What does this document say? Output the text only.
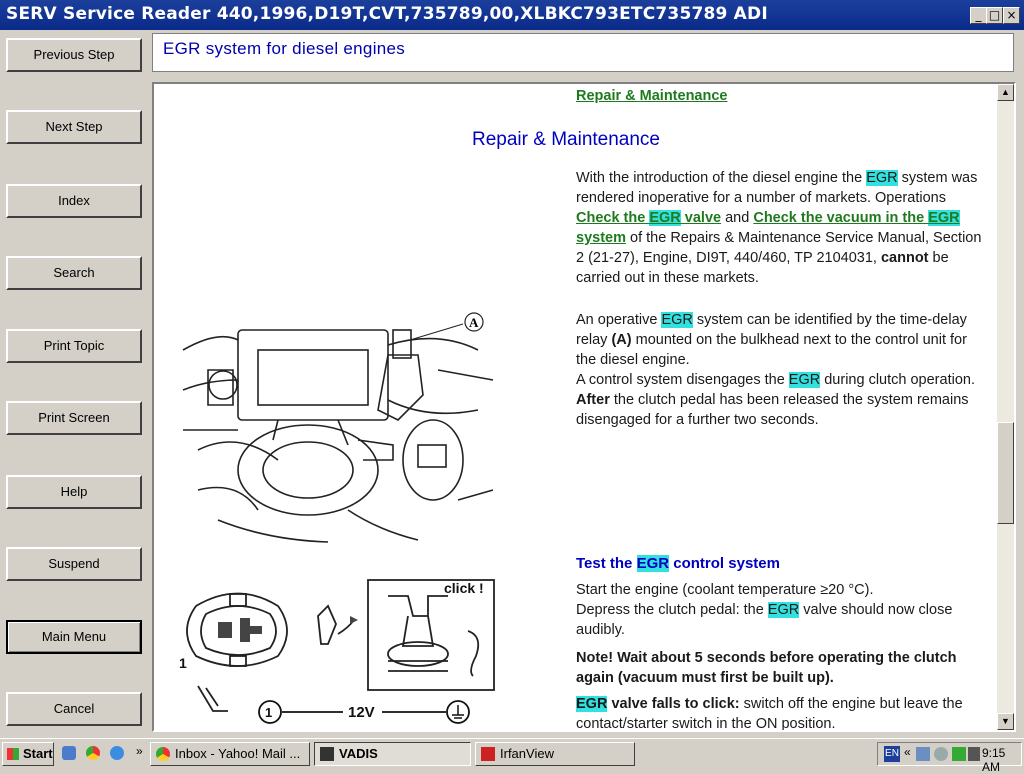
SERV Service Reader 440,1996,D19T,CVT,735789,00,XLBKC793ETC735789 ADI	_ □ ×
Previous Step
Next Step
Index
Search
Print Topic
Print Screen
Help
Suspend
Main Menu
Cancel
EGR system for diesel engines
Repair & Maintenance
Repair & Maintenance
With the introduction of the diesel engine the EGR system was rendered inoperative for a number of markets. Operations Check the EGR valve and Check the vacuum in the EGR system of the Repairs & Maintenance Service Manual, Section 2 (21-27), Engine, DI9T, 440/460, TP 2104031, cannot be carried out in these markets.
An operative EGR system can be identified by the time-delay relay (A) mounted on the bulkhead next to the control unit for the diesel engine.
A control system disengages the EGR during clutch operation. After the clutch pedal has been released the system remains disengaged for a further two seconds.
Test the EGR control system
Start the engine (coolant temperature ≥20 °C).
Depress the clutch pedal: the EGR valve should now close audibly.
Note! Wait about 5 seconds before operating the clutch again (vacuum must first be built up).
EGR valve falls to click: switch off the engine but leave the contact/starter switch in the ON position.
A
1
click !
1	12V
▲
▼
Start	»	Inbox - Yahoo! Mail ...	VADIS	IrfanView	EN «	9:15 AM
